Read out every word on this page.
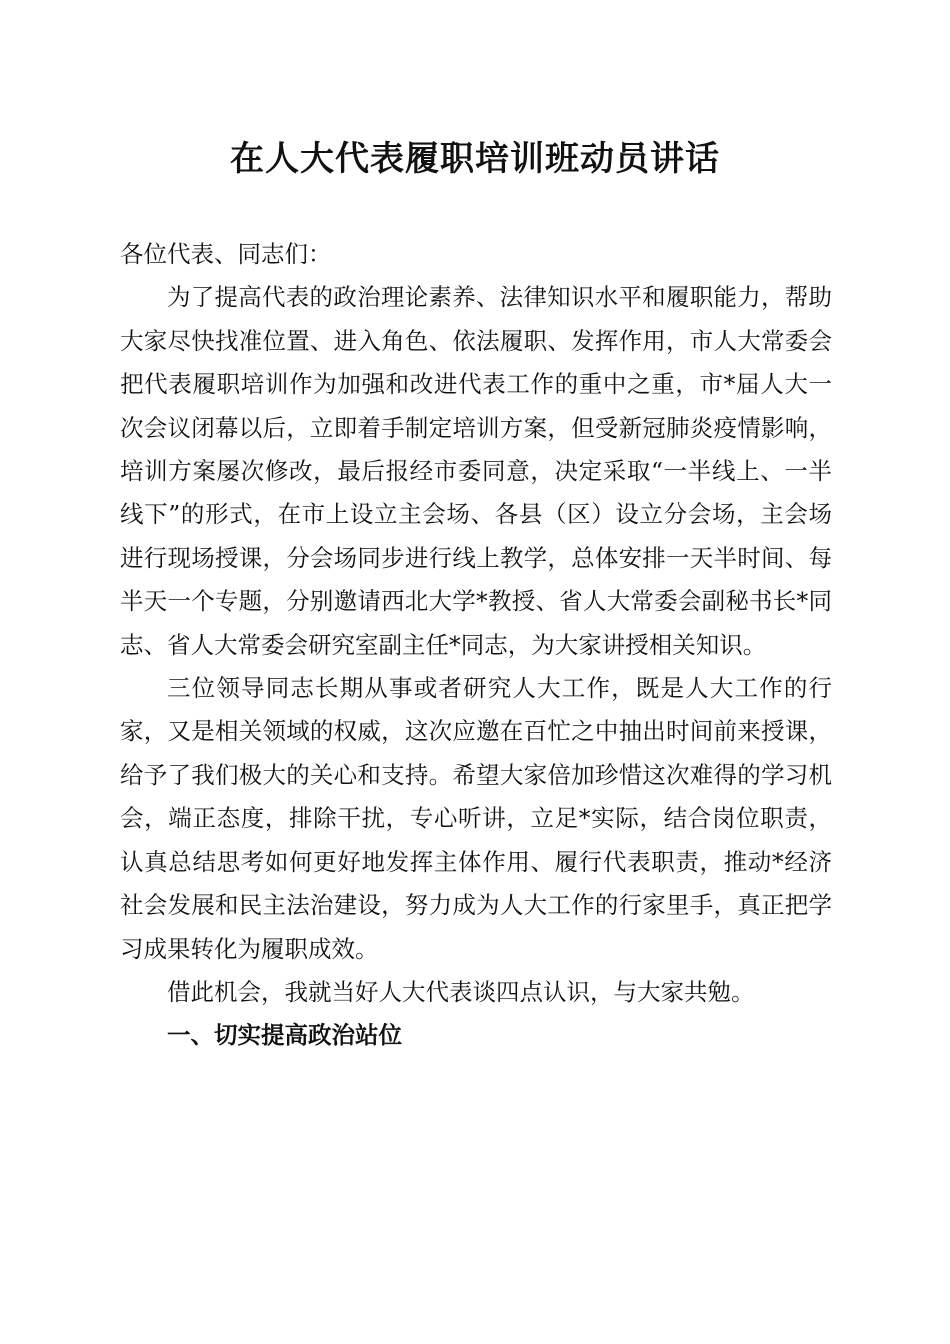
在人大代表履职培训班动员讲话

各位代表、同志们：

为了提高代表的政治理论素养、法律知识水平和履职能力，帮助大家尽快找准位置、进入角色、依法履职、发挥作用，市人大常委会把代表履职培训作为加强和改进代表工作的重中之重，市*届人大一次会议闭幕以后，立即着手制定培训方案，但受新冠肺炎疫情影响，培训方案屡次修改，最后报经市委同意，决定采取“一半线上、一半线下”的形式，在市上设立主会场、各县（区）设立分会场，主会场进行现场授课，分会场同步进行线上教学，总体安排一天半时间、每半天一个专题，分别邀请西北大学*教授、省人大常委会副秘书长*同志、省人大常委会研究室副主任*同志，为大家讲授相关知识。

三位领导同志长期从事或者研究人大工作，既是人大工作的行家，又是相关领域的权威，这次应邀在百忙之中抽出时间前来授课，给予了我们极大的关心和支持。希望大家倍加珍惜这次难得的学习机会，端正态度，排除干扰，专心听讲，立足*实际，结合岗位职责，认真总结思考如何更好地发挥主体作用、履行代表职责，推动*经济社会发展和民主法治建设，努力成为人大工作的行家里手，真正把学习成果转化为履职成效。

借此机会，我就当好人大代表谈四点认识，与大家共勉。

一、切实提高政治站位
